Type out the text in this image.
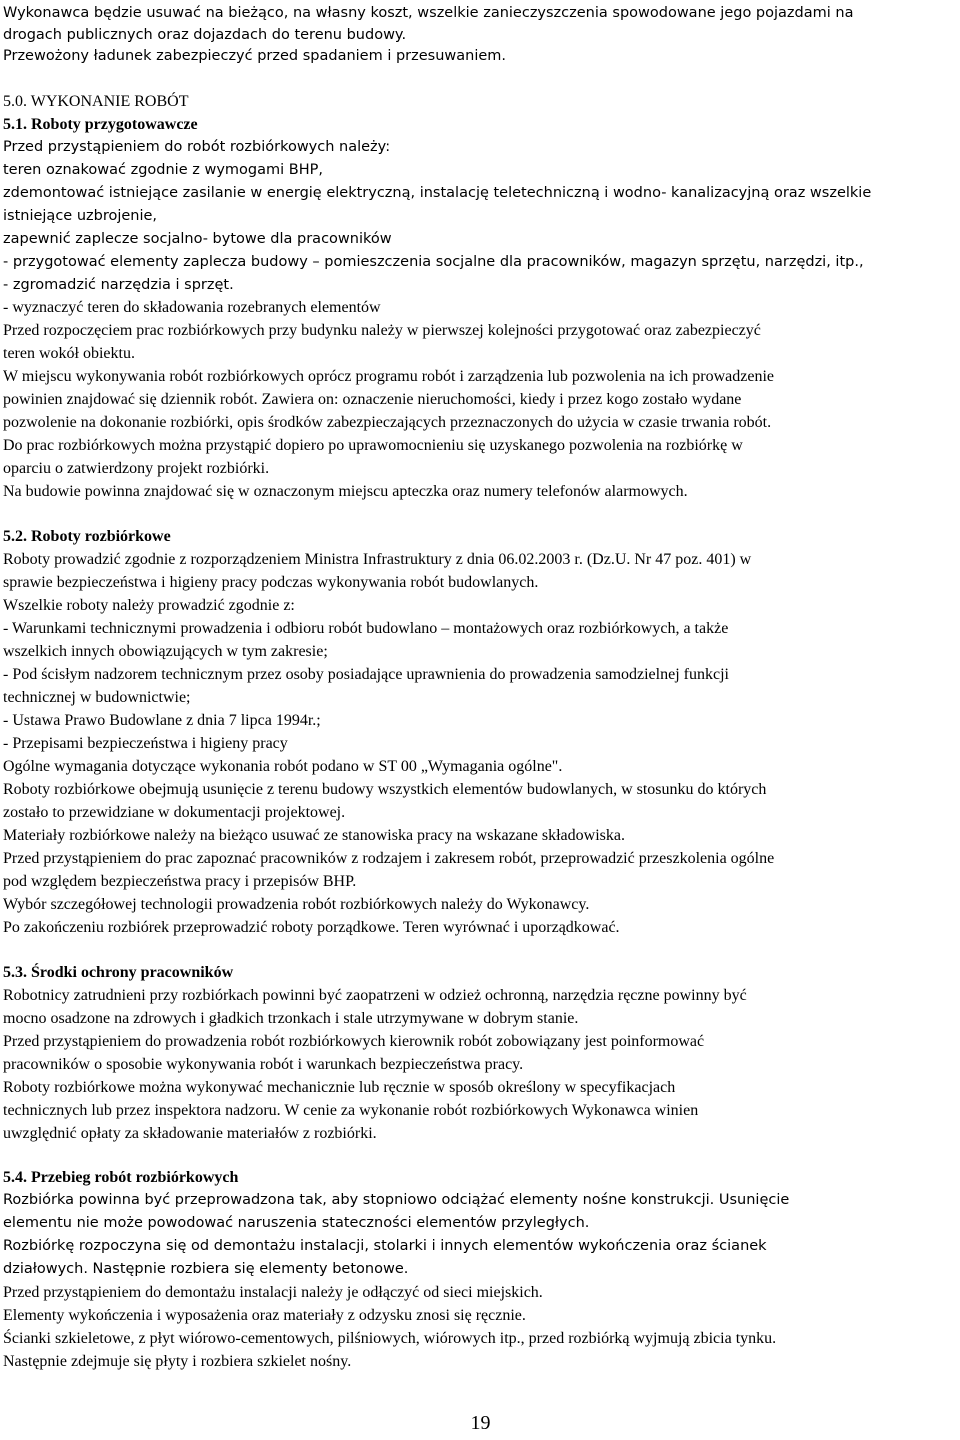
Wykonawca będzie usuwać na bieżąco, na własny koszt, wszelkie zanieczyszczenia spowodowane jego pojazdami na
drogach publicznych oraz dojazdach do terenu budowy.
Przewożony ładunek zabezpieczyć przed spadaniem i przesuwaniem.
5.0. WYKONANIE ROBÓT
5.1. Roboty przygotowawcze
Przed przystąpieniem do robót rozbiórkowych należy:
teren oznakować zgodnie z wymogami BHP,
zdemontować istniejące zasilanie w energię elektryczną, instalację teletechniczną i wodno- kanalizacyjną oraz wszelkie
istniejące uzbrojenie,
zapewnić zaplecze socjalno- bytowe dla pracowników
- przygotować elementy zaplecza budowy – pomieszczenia socjalne dla pracowników, magazyn sprzętu, narzędzi, itp.,
- zgromadzić narzędzia i sprzęt.
- wyznaczyć teren do składowania rozebranych elementów
Przed rozpoczęciem prac rozbiórkowych przy budynku należy w pierwszej kolejności przygotować oraz zabezpieczyć
teren wokół obiektu.
W miejscu wykonywania robót rozbiórkowych oprócz programu robót i zarządzenia lub pozwolenia na ich prowadzenie
powinien znajdować się dziennik robót. Zawiera on: oznaczenie nieruchomości, kiedy i przez kogo zostało wydane
pozwolenie na dokonanie rozbiórki, opis środków zabezpieczających przeznaczonych do użycia w czasie trwania robót.
Do prac rozbiórkowych można przystąpić dopiero po uprawomocnieniu się uzyskanego pozwolenia na rozbiórkę w
oparciu o zatwierdzony projekt rozbiórki.
Na budowie powinna znajdować się w oznaczonym miejscu apteczka oraz numery telefonów alarmowych.
5.2. Roboty rozbiórkowe
Roboty prowadzić zgodnie z rozporządzeniem Ministra Infrastruktury z dnia 06.02.2003 r. (Dz.U. Nr 47 poz. 401) w
sprawie bezpieczeństwa i higieny pracy podczas wykonywania robót budowlanych.
Wszelkie roboty należy prowadzić zgodnie z:
- Warunkami technicznymi prowadzenia i odbioru robót budowlano – montażowych oraz rozbiórkowych, a także
wszelkich innych obowiązujących w tym zakresie;
- Pod ścisłym nadzorem technicznym przez osoby posiadające uprawnienia do prowadzenia samodzielnej funkcji
technicznej w budownictwie;
- Ustawa Prawo Budowlane z dnia 7 lipca 1994r.;
- Przepisami bezpieczeństwa i higieny pracy
Ogólne wymagania dotyczące wykonania robót podano w ST 00 „Wymagania ogólne".
Roboty rozbiórkowe obejmują usunięcie z terenu budowy wszystkich elementów budowlanych, w stosunku do których
zostało to przewidziane w dokumentacji projektowej.
Materiały rozbiórkowe należy na bieżąco usuwać ze stanowiska pracy na wskazane składowiska.
Przed przystąpieniem do prac zapoznać pracowników z rodzajem i zakresem robót, przeprowadzić przeszkolenia ogólne
pod względem bezpieczeństwa pracy i przepisów BHP.
Wybór szczegółowej technologii prowadzenia robót rozbiórkowych należy do Wykonawcy.
Po zakończeniu rozbiórek przeprowadzić roboty porządkowe. Teren wyrównać i uporządkować.
5.3. Środki ochrony pracowników
Robotnicy zatrudnieni przy rozbiórkach powinni być zaopatrzeni w odzież ochronną, narzędzia ręczne powinny być
mocno osadzone na zdrowych i gładkich trzonkach i stale utrzymywane w dobrym stanie.
Przed przystąpieniem do prowadzenia robót rozbiórkowych kierownik robót zobowiązany jest poinformować
pracowników o sposobie wykonywania robót i warunkach bezpieczeństwa pracy.
Roboty rozbiórkowe można wykonywać mechanicznie lub ręcznie w sposób określony w specyfikacjach
technicznych lub przez inspektora nadzoru. W cenie za wykonanie robót rozbiórkowych Wykonawca winien
uwzględnić opłaty za składowanie materiałów z rozbiórki.
5.4. Przebieg robót rozbiórkowych
Rozbiórka powinna być przeprowadzona tak, aby stopniowo odciążać elementy nośne konstrukcji. Usunięcie
elementu nie może powodować naruszenia stateczności elementów przyległych.
Rozbiórkę rozpoczyna się od demontażu instalacji, stolarki i innych elementów wykończenia oraz ścianek
działowych. Następnie rozbiera się elementy betonowe.
Przed przystąpieniem do demontażu instalacji należy je odłączyć od sieci miejskich.
Elementy wykończenia i wyposażenia oraz materiały z odzysku znosi się ręcznie.
Ścianki szkieletowe, z płyt wiórowo-cementowych, pilśniowych, wiórowych itp., przed rozbiórką wyjmują zbicia tynku.
Następnie zdejmuje się płyty i rozbiera szkielet nośny.
19
